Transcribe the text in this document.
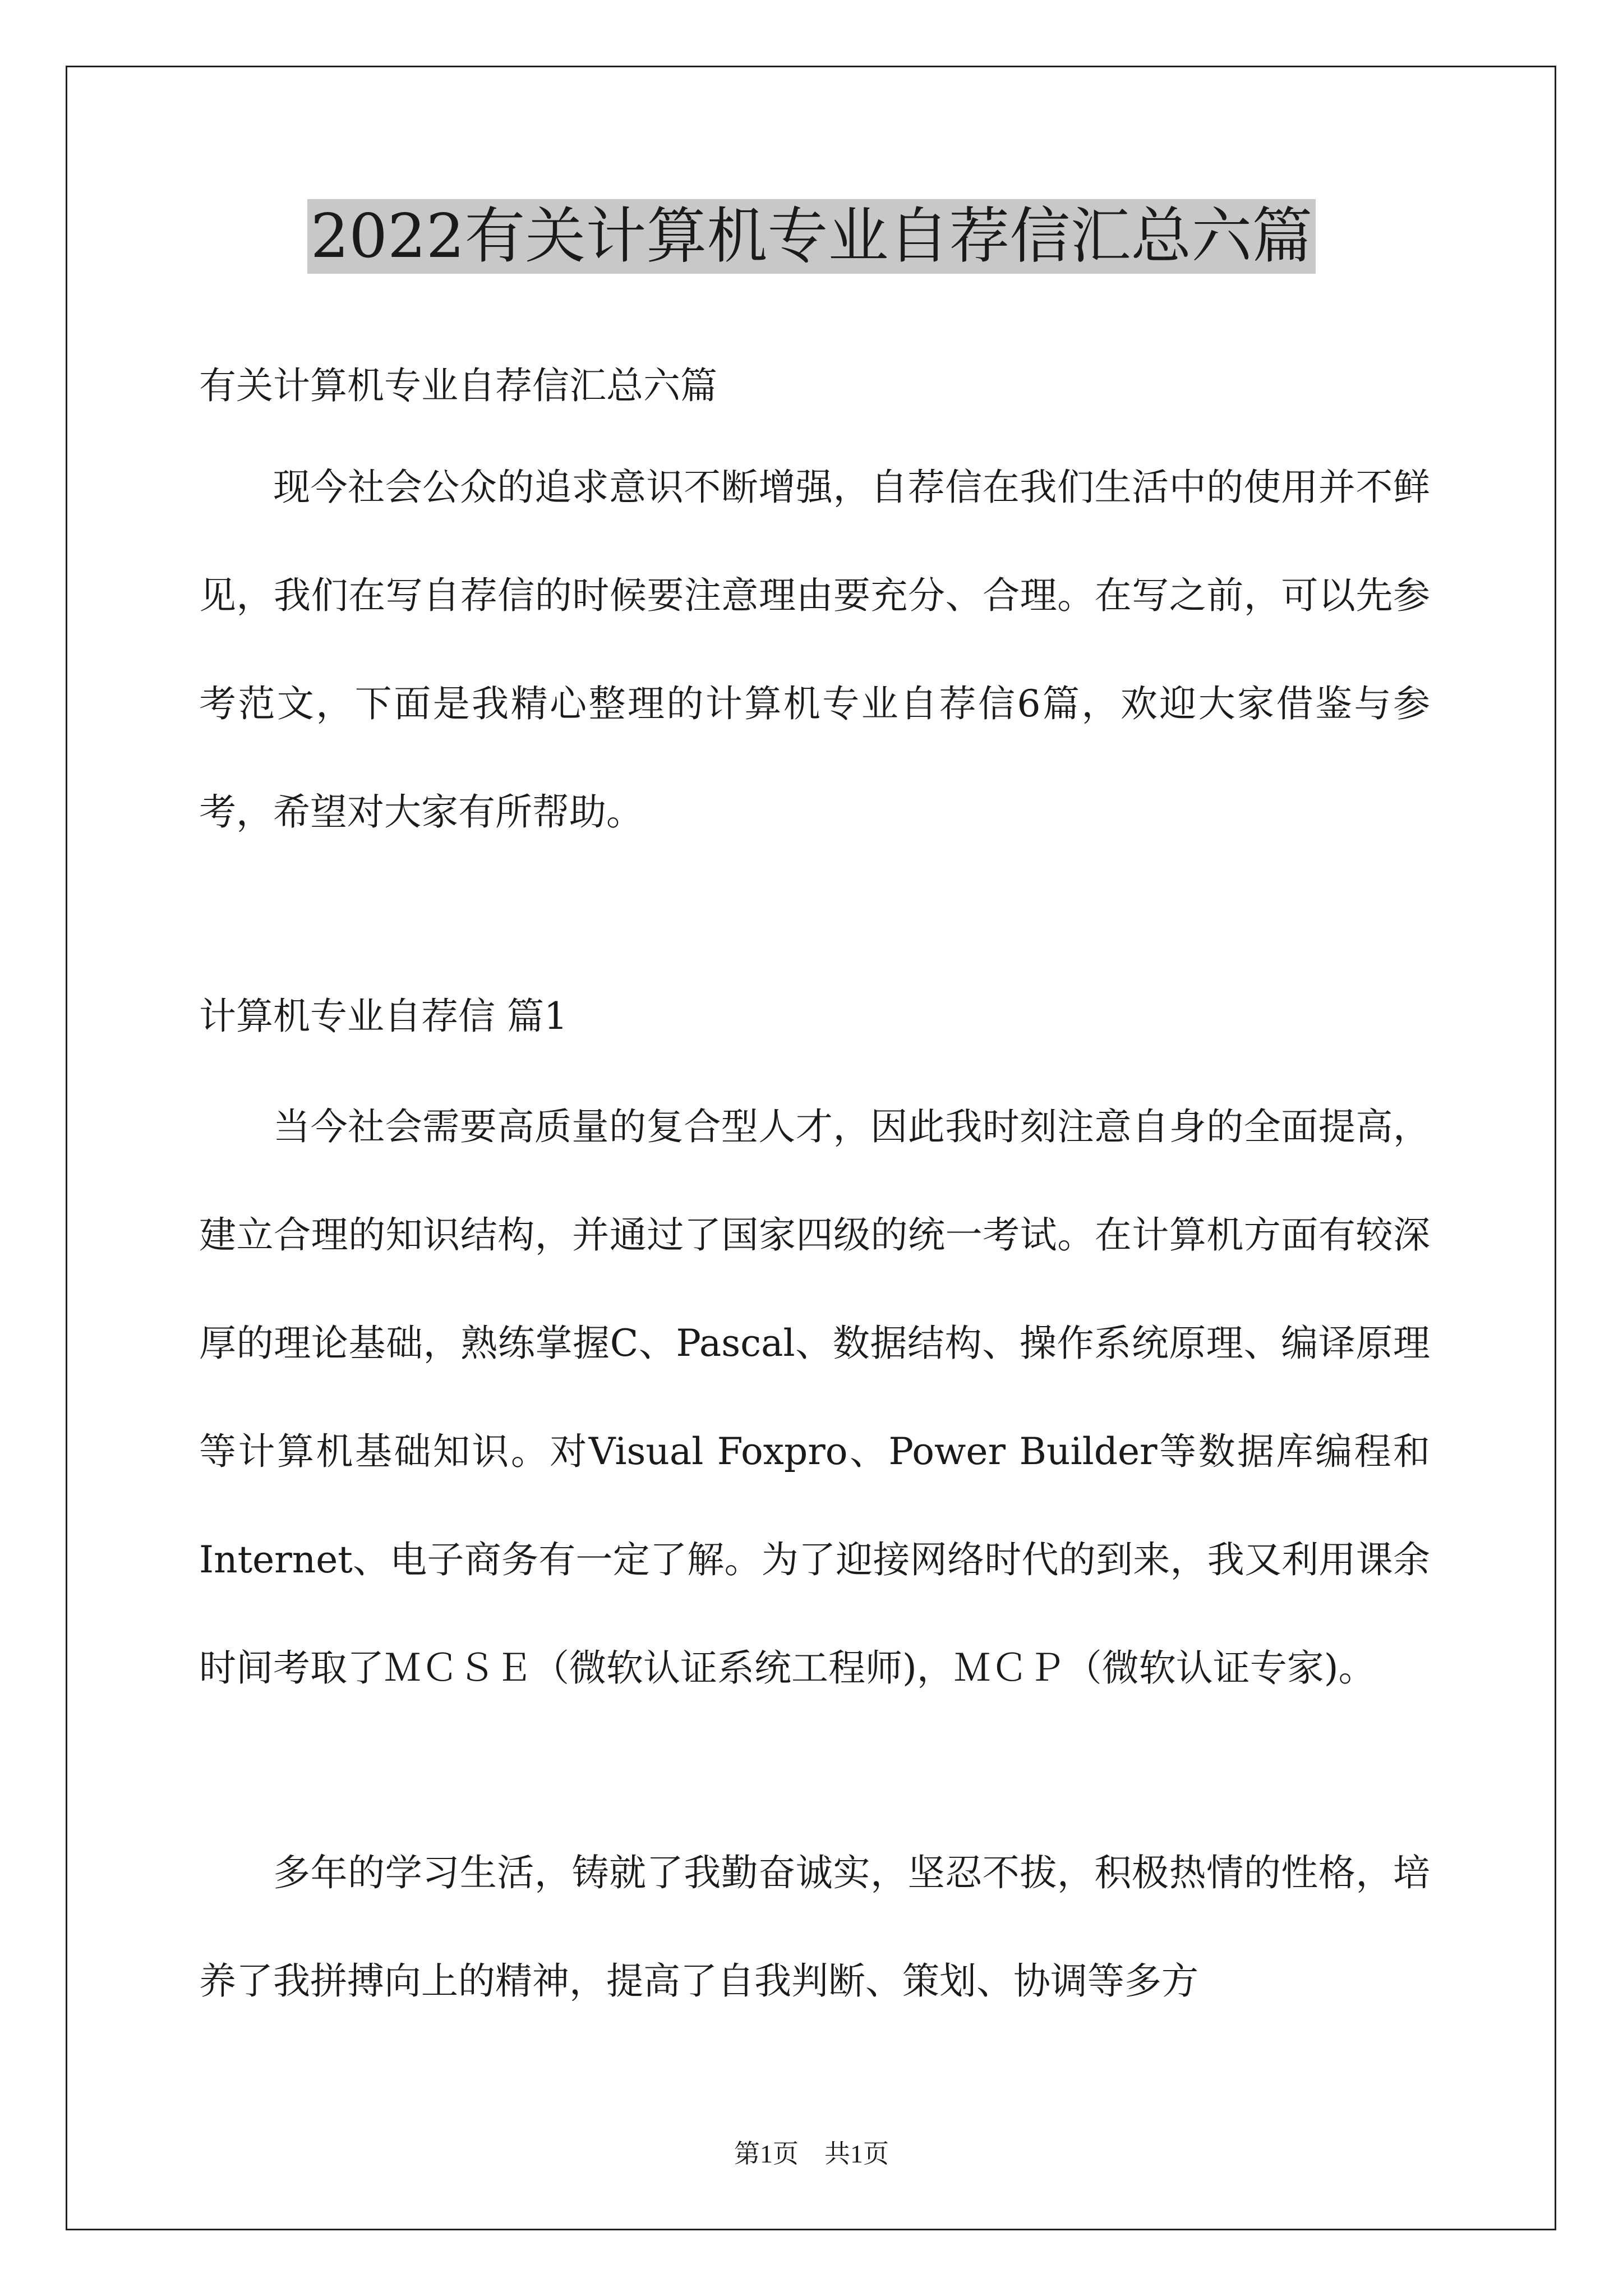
2022有关计算机专业自荐信汇总六篇
有关计算机专业自荐信汇总六篇
现今社会公众的追求意识不断增强，自荐信在我们生活中的使用并不鲜见，我们在写自荐信的时候要注意理由要充分、合理。在写之前，可以先参考范文，下面是我精心整理的计算机专业自荐信6篇，欢迎大家借鉴与参考，希望对大家有所帮助。
计算机专业自荐信 篇1
当今社会需要高质量的复合型人才，因此我时刻注意自身的全面提高，建立合理的知识结构，并通过了国家四级的统一考试。在计算机方面有较深厚的理论基础，熟练掌握C、Pascal、数据结构、操作系统原理、编译原理等计算机基础知识。对Visual Foxpro、Power Builder等数据库编程和Internet、电子商务有一定了解。为了迎接网络时代的到来，我又利用课余时间考取了ＭＣＳＥ（微软认证系统工程师)，ＭＣＰ（微软认证专家)。
多年的学习生活，铸就了我勤奋诚实，坚忍不拔，积极热情的性格，培养了我拼搏向上的精神，提高了自我判断、策划、协调等多方
第1页　共1页
